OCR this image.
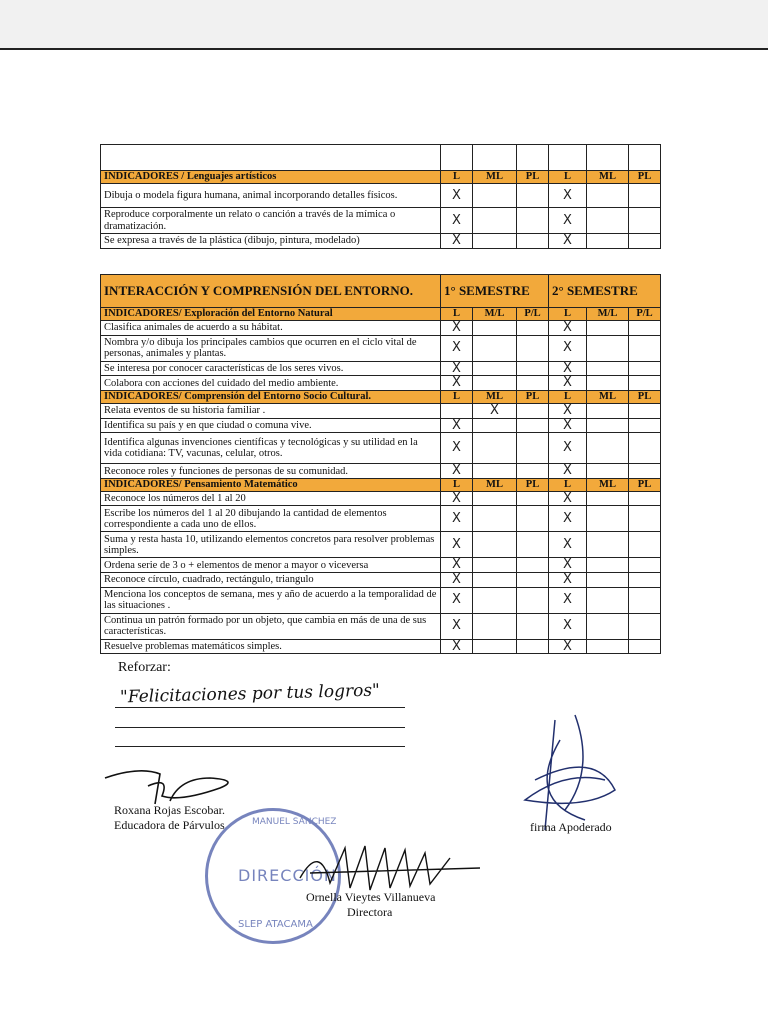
INDICADORES / Lenguajes artísticos	L	ML	PL	L	ML	PL
Dibuja o modela figura humana, animal incorporando detalles físicos.	X			X		
Reproduce corporalmente un relato o canción a través de la mímica o dramatización.	X			X		
Se expresa a través de la plástica (dibujo, pintura, modelado)	X			X		
INTERACCIÓN Y COMPRENSIÓN DEL ENTORNO.	1° SEMESTRE			2° SEMESTRE		
INDICADORES/ Exploración del Entorno Natural	L	M/L	P/L	L	M/L	P/L
Clasifica animales de acuerdo a su hábitat.	X			X		
Nombra y/o dibuja los principales cambios que ocurren en el ciclo vital de personas, animales y plantas.	X			X		
Se interesa por conocer características de los seres vivos.	X			X		
Colabora con acciones del cuidado del medio ambiente.	X			X		
INDICADORES/ Comprensión del Entorno Socio Cultural.	L	ML	PL	L	ML	PL
Relata eventos de su historia familiar .		X		X		
Identifica su país y en que ciudad o comuna vive.	X			X		
Identifica algunas invenciones científicas y tecnológicas y su utilidad en la vida cotidiana: TV, vacunas, celular, otros.	X			X		
Reconoce roles y funciones de personas de su comunidad.	X			X		
INDICADORES/ Pensamiento Matemático	L	ML	PL	L	ML	PL
Reconoce los números del 1 al 20	X			X		
Escribe los números del 1 al 20 dibujando la cantidad de elementos correspondiente a cada uno de ellos.	X			X		
Suma y resta hasta 10, utilizando elementos concretos para resolver problemas simples.	X			X		
Ordena serie de 3 o + elementos de menor a mayor o viceversa	X			X		
Reconoce círculo, cuadrado, rectángulo, triangulo	X			X		
Menciona los conceptos de semana, mes y año de acuerdo a la temporalidad de las situaciones .	X			X		
Continua un patrón formado por un objeto, que cambia en más de una de sus características.	X			X		
Resuelve problemas matemáticos simples.	X			X		
Reforzar:
"Felicitaciones por tus logros"
Roxana Rojas Escobar.
Educadora de Párvulos	firma Apoderado
MANUEL SANCHEZ
DIRECCIÓN
SLEP ATACAMA
Ornella Vieytes Villanueva
Directora
